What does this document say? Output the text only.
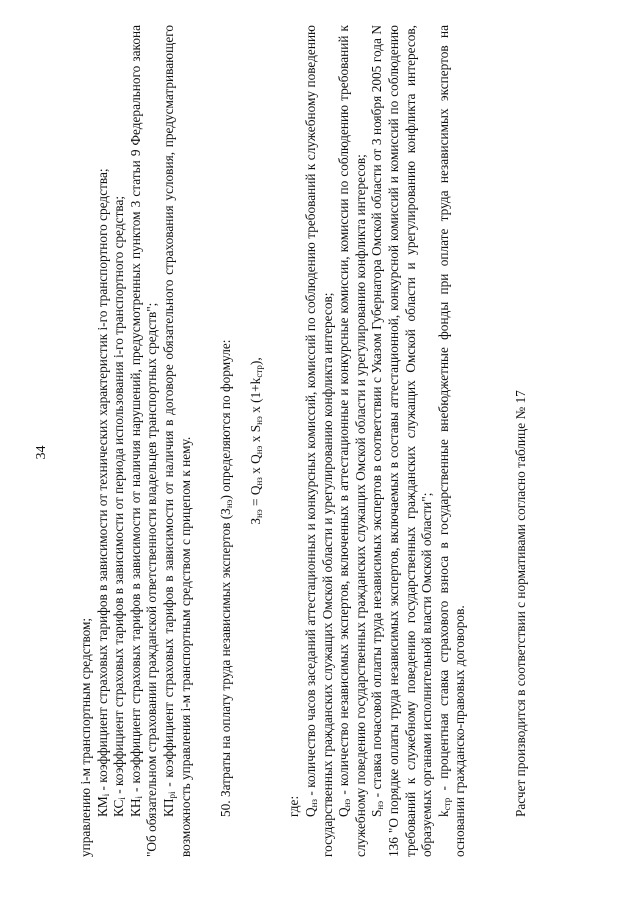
34

управлению i-м транспортным средством; $КМ_i$ - коэффициент страховых тарифов в зависимости от технических характеристик i-го транспортного средства;

$КС_i$ - коэффициент страховых тарифов в зависимости от периода использования i-го транспортного средства;

$КН_i$ - коэффициент страховых тарифов в зависимости от наличия нарушений, предусмотренных пунктом 3 статьи 9 Федерального закона "Об обязательном страховании гражданской ответственности владельцев транспортных средств"; $КП_{рi}$ - коэффициент страховых тарифов в зависимости от наличия в договоре обязательного страхования условия, предусматривающего возможность управления i-м транспортным средством с прицепом к нему. 50. Затраты на оплату труда независимых экспертов $(З_{нэ})$ определяются по формуле:

$З_{нэ} = Q_{нз}$ x $Q_{нэ}$ x $S_{нэ}$ x $(1+k_{стр})$,

где: $Q_{нз}$ - количество часов заседаний аттестационных и конкурсных комиссий, комиссий по соблюдению требований к служебному поведению государственных гражданских служащих Омской области и урегулированию конфликта интересов; $Q_{нэ}$ - количество независимых экспертов, включенных в аттестационные и конкурсные комиссии, комиссии по соблюдению требований к служебному поведению государственных гражданских служащих Омской области и урегулированию конфликта интересов; $S_{нэ}$ - ставка почасовой оплаты труда независимых экспертов в соответствии с Указом Губернатора Омской области от 3 ноября 2005 года N 136 "О порядке оплаты труда независимых экспертов, включаемых в составы аттестационной, конкурсной комиссий и комиссий по соблюдению требований к служебному поведению государственных гражданских служащих Омской области и урегулированию конфликта интересов, образуемых органами исполнительной власти Омской области"; $k_{стр}$ - процентная ставка страхового взноса в государственные внебюджетные фонды при оплате труда независимых экспертов на основании гражданско-правовых договоров.	Расчет производится в соответствии с нормативами согласно таблице № 17
